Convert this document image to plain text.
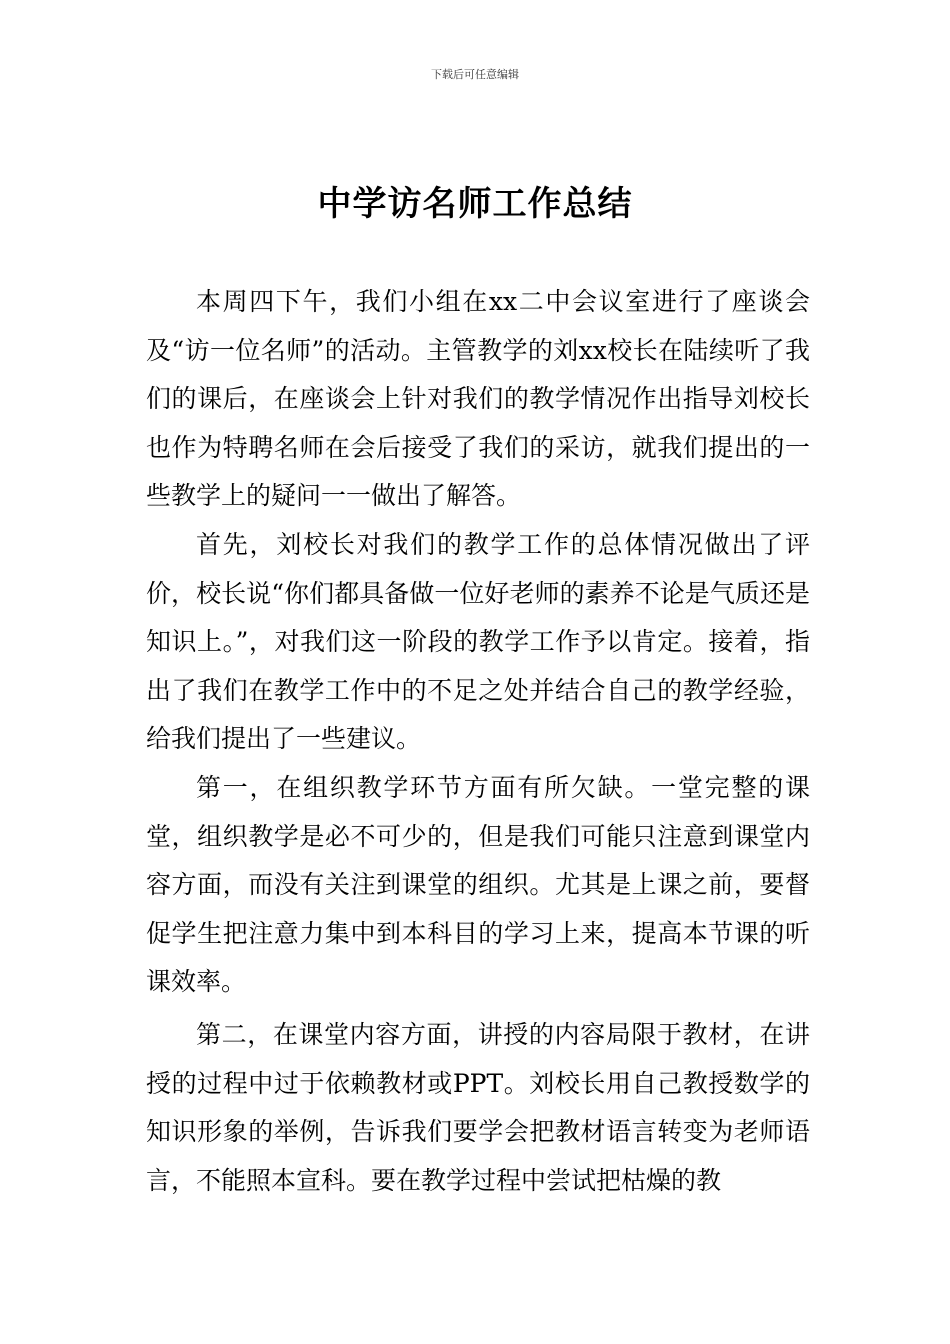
下载后可任意编辑
中学访名师工作总结

本周四下午，我们小组在xx二中会议室进行了座谈会及“访一位名师”的活动。主管教学的刘xx校长在陆续听了我们的课后，在座谈会上针对我们的教学情况作出指导刘校长也作为特聘名师在会后接受了我们的采访，就我们提出的一些教学上的疑问一一做出了解答。

首先，刘校长对我们的教学工作的总体情况做出了评价，校长说“你们都具备做一位好老师的素养不论是气质还是知识上。”，对我们这一阶段的教学工作予以肯定。接着，指出了我们在教学工作中的不足之处并结合自己的教学经验，给我们提出了一些建议。

第一，在组织教学环节方面有所欠缺。一堂完整的课堂，组织教学是必不可少的，但是我们可能只注意到课堂内容方面，而没有关注到课堂的组织。尤其是上课之前，要督促学生把注意力集中到本科目的学习上来，提高本节课的听课效率。

第二，在课堂内容方面，讲授的内容局限于教材，在讲授的过程中过于依赖教材或PPT。刘校长用自己教授数学的知识形象的举例，告诉我们要学会把教材语言转变为老师语言，不能照本宣科。要在教学过程中尝试把枯燥的教
